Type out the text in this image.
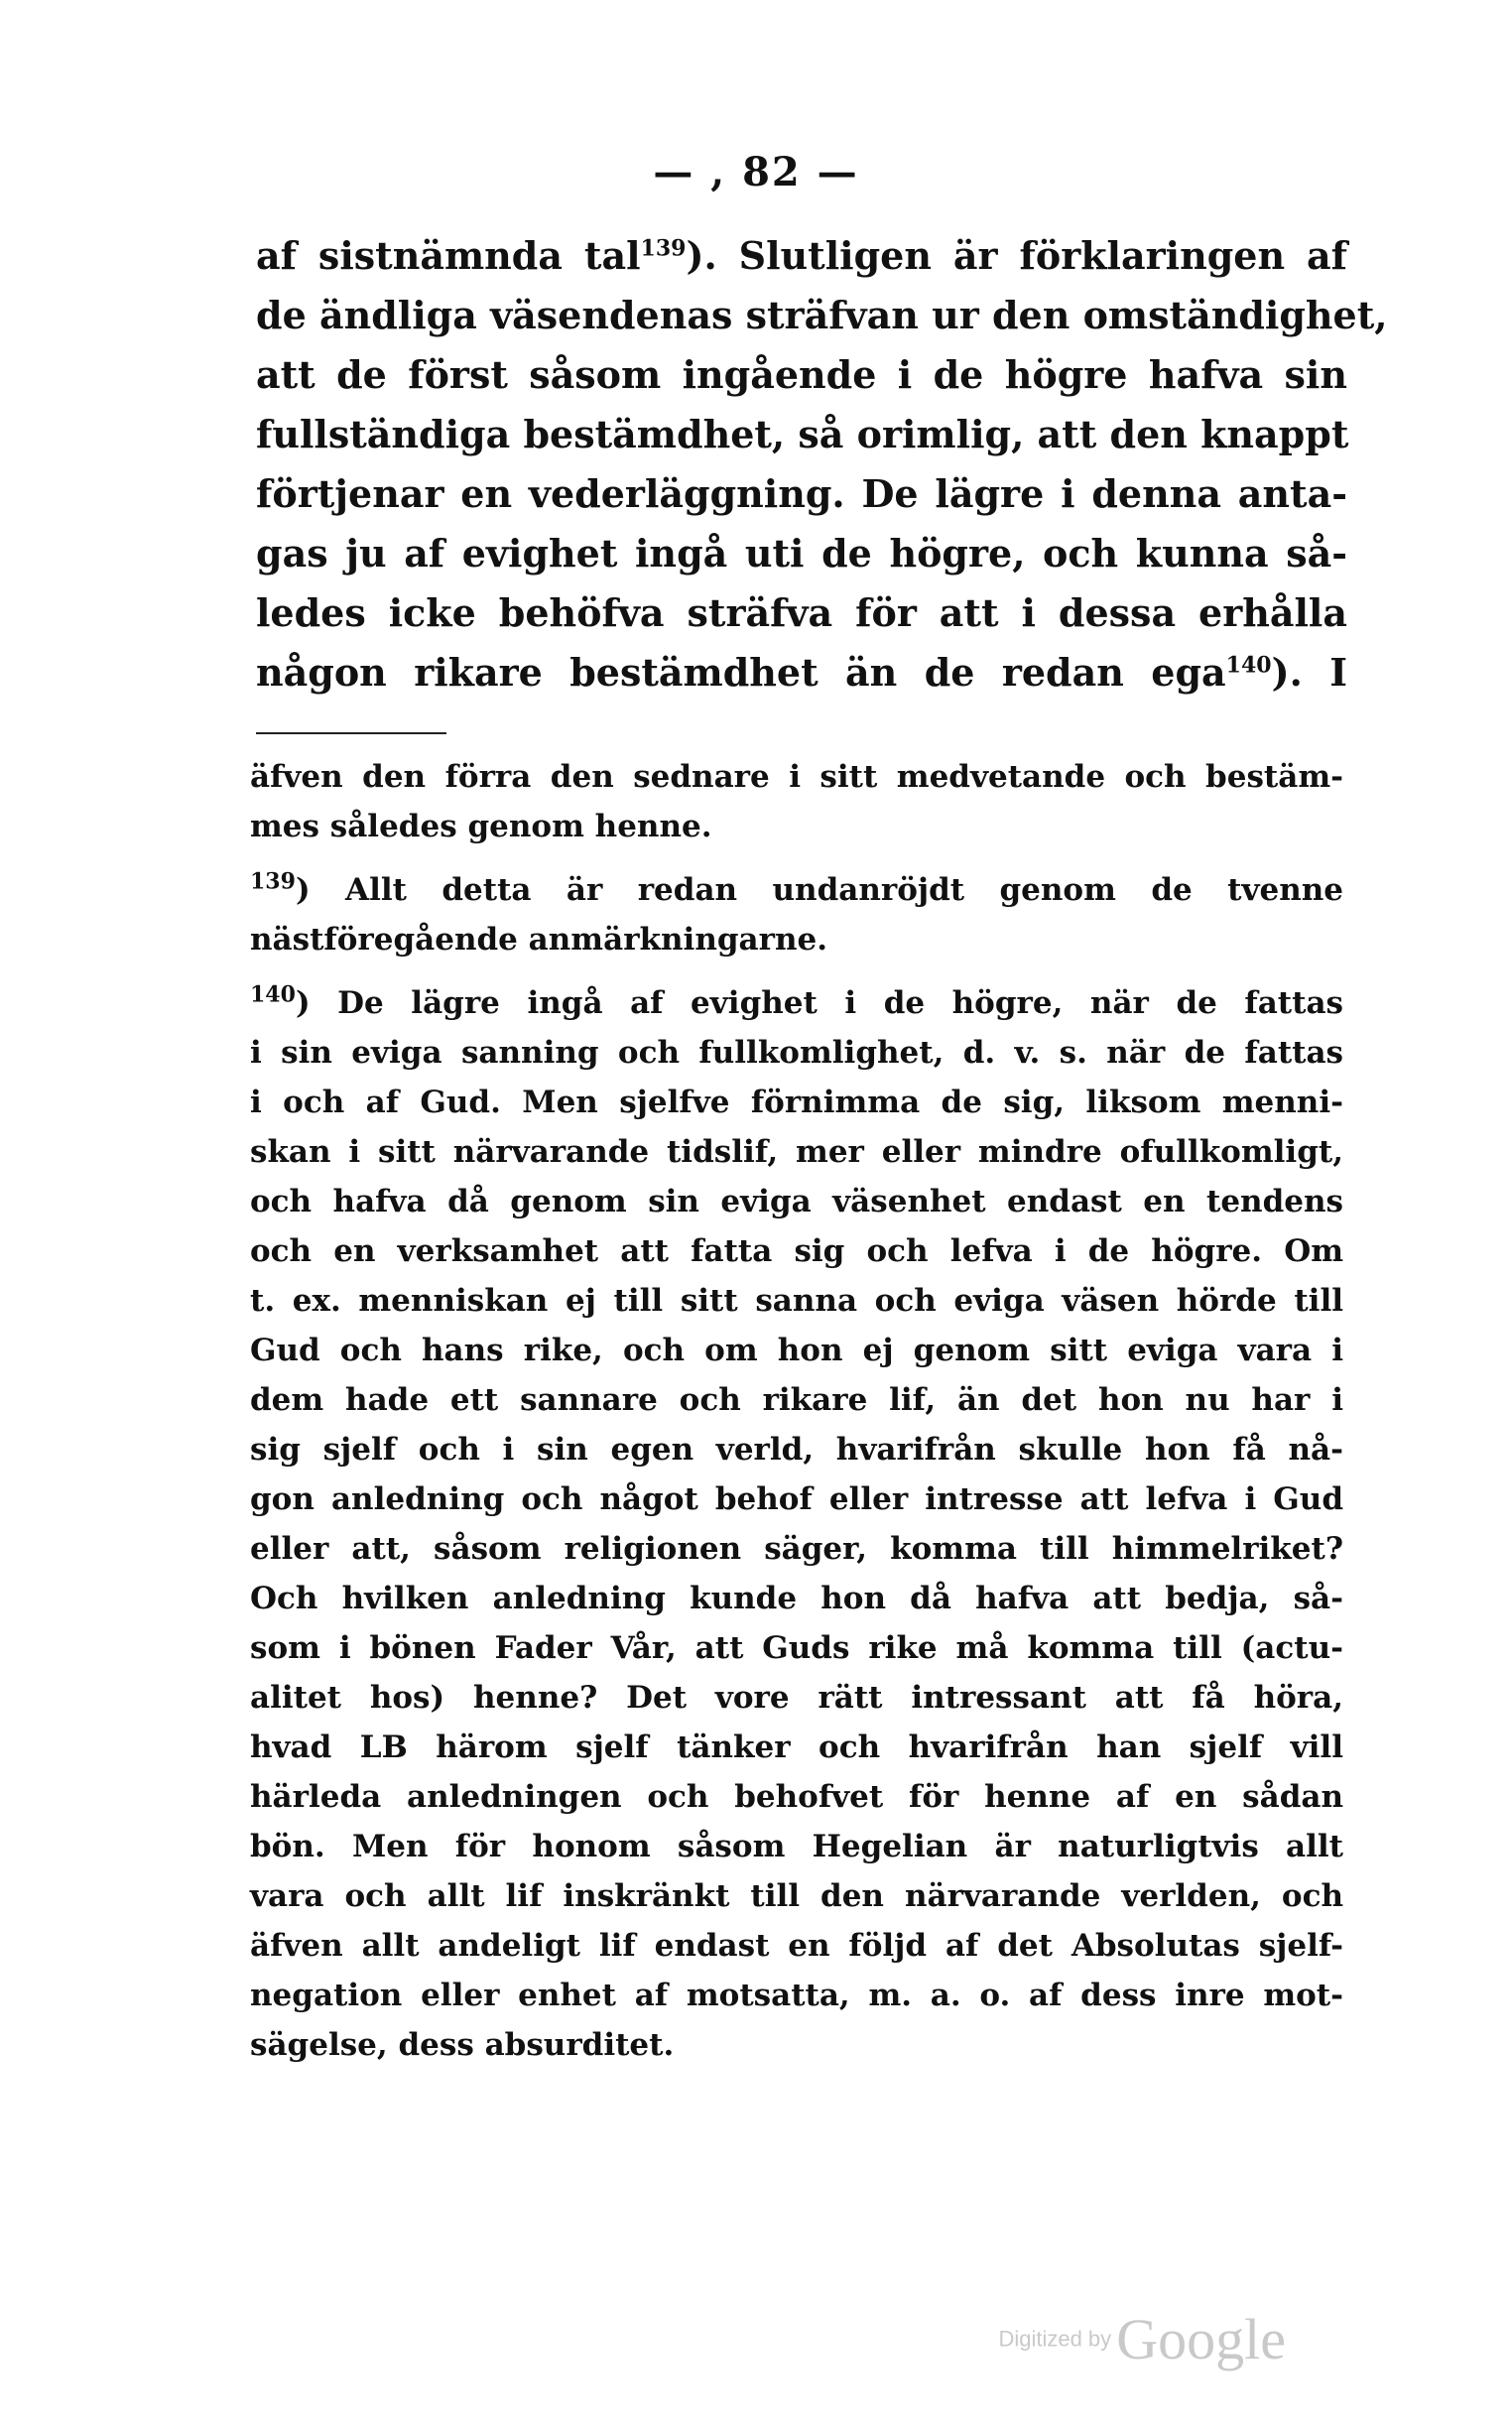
— , 82 —
af sistnämnda tal$^{139}$). Slutligen är förklaringen af
de ändliga väsendenas sträfvan ur den omständighet,
att de först såsom ingående i de högre hafva sin
fullständiga bestämdhet, så orimlig, att den knappt
förtjenar en vederläggning. De lägre i denna anta-
gas ju af evighet ingå uti de högre, och kunna så-
ledes icke behöfva sträfva för att i dessa erhålla
någon rikare bestämdhet än de redan ega$^{140}$). I
äfven den förra den sednare i sitt medvetande och bestäm-
mes således genom henne.
$^{139}$) Allt detta är redan undanröjdt genom de tvenne
nästföregående anmärkningarne.
$^{140}$) De lägre ingå af evighet i de högre, när de fattas
i sin eviga sanning och fullkomlighet, d. v. s. när de fattas
i och af Gud. Men sjelfve förnimma de sig, liksom menni-
skan i sitt närvarande tidslif, mer eller mindre ofullkomligt,
och hafva då genom sin eviga väsenhet endast en tendens
och en verksamhet att fatta sig och lefva i de högre. Om
t. ex. menniskan ej till sitt sanna och eviga väsen hörde till
Gud och hans rike, och om hon ej genom sitt eviga vara i
dem hade ett sannare och rikare lif, än det hon nu har i
sig sjelf och i sin egen verld, hvarifrån skulle hon få nå-
gon anledning och något behof eller intresse att lefva i Gud
eller att, såsom religionen säger, komma till himmelriket?
Och hvilken anledning kunde hon då hafva att bedja, så-
som i bönen Fader Vår, att Guds rike må komma till (actu-
alitet hos) henne? Det vore rätt intressant att få höra,
hvad LB härom sjelf tänker och hvarifrån han sjelf vill
härleda anledningen och behofvet för henne af en sådan
bön. Men för honom såsom Hegelian är naturligtvis allt
vara och allt lif inskränkt till den närvarande verlden, och
äfven allt andeligt lif endast en följd af det Absolutas sjelf-
negation eller enhet af motsatta, m. a. o. af dess inre mot-
sägelse, dess absurditet.
Digitized by Google
